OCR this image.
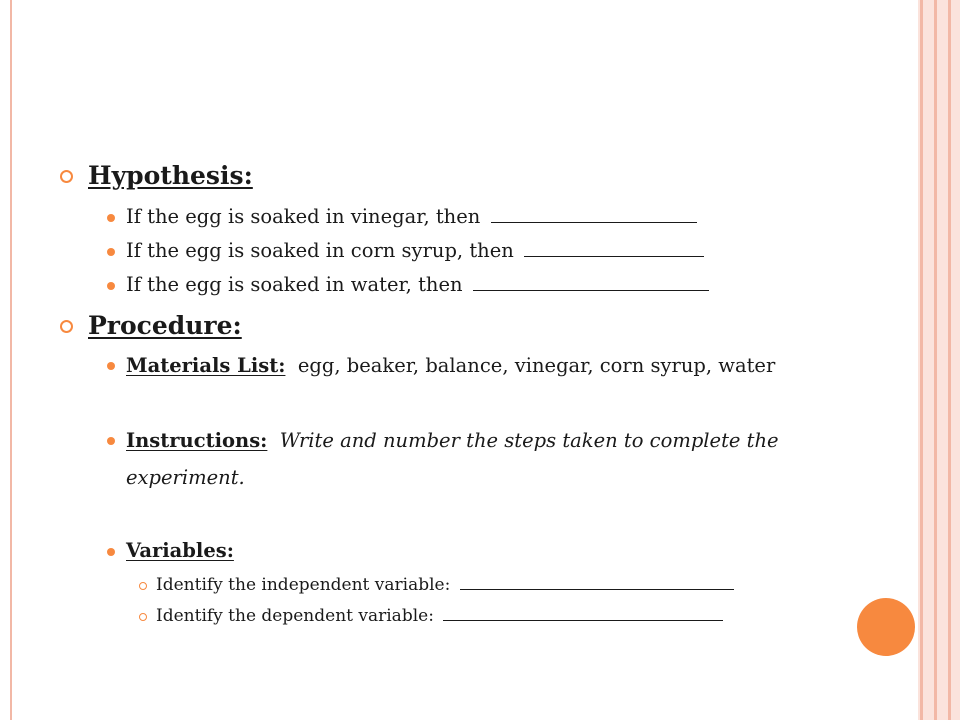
Hypothesis:
If the egg is soaked in vinegar, then
If the egg is soaked in corn syrup, then
If the egg is soaked in water, then
Procedure:
Materials List: egg, beaker, balance, vinegar, corn syrup, water
Instructions: Write and number the steps taken to complete the experiment.
Variables:
Identify the independent variable:
Identify the dependent variable:
